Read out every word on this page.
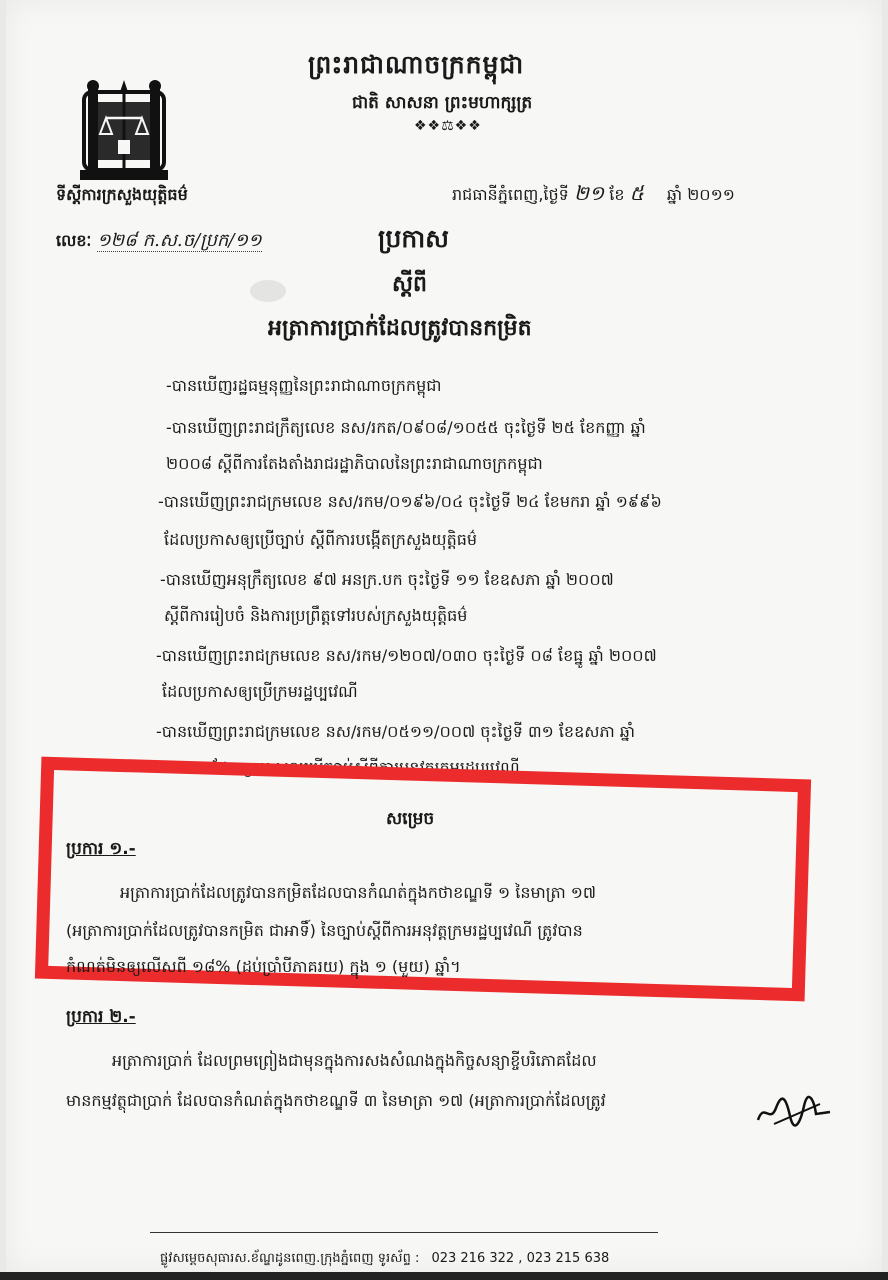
ព្រះរាជាណាចក្រកម្ពុជា
ជាតិ សាសនា ព្រះមហាក្សត្រ
❖❖⚖❖❖
ទីស្តីការក្រសួងយុត្តិធម៌
លេខៈ ១២៨ ក.ស.ច/ប្រក/១១
រាជធានីភ្នំពេញ,ថ្ងៃទី ២១ ខែ ៥ ឆ្នាំ ២០១១
ប្រកាស
ស្តីពី
អត្រាការប្រាក់ដែលត្រូវបានកម្រិត
-បានឃើញរដ្ឋធម្មនុញ្ញនៃព្រះរាជាណាចក្រកម្ពុជា
-បានឃើញព្រះរាជក្រឹត្យលេខ នស/រកត/០៩០៨/១០៥៥ ចុះថ្ងៃទី ២៥ ខែកញ្ញា ឆ្នាំ
២០០៨ ស្តីពីការតែងតាំងរាជរដ្ឋាភិបាលនៃព្រះរាជាណាចក្រកម្ពុជា
-បានឃើញព្រះរាជក្រមលេខ នស/រកម/០១៩៦/០៤ ចុះថ្ងៃទី ២៤ ខែមករា ឆ្នាំ ១៩៩៦
ដែលប្រកាសឲ្យប្រើច្បាប់ ស្តីពីការបង្កើតក្រសួងយុត្តិធម៌
-បានឃើញអនុក្រឹត្យលេខ ៩៧ អនក្រ.បក ចុះថ្ងៃទី ១១ ខែឧសភា ឆ្នាំ ២០០៧
ស្តីពីការរៀបចំ និងការប្រព្រឹត្តទៅរបស់ក្រសួងយុត្តិធម៌
-បានឃើញព្រះរាជក្រមលេខ នស/រកម/១២០៧/០៣០ ចុះថ្ងៃទី ០៨ ខែធ្នូ ឆ្នាំ ២០០៧
ដែលប្រកាសឲ្យប្រើក្រមរដ្ឋប្បវេណី
-បានឃើញព្រះរាជក្រមលេខ នស/រកម/០៥១១/០០៧ ចុះថ្ងៃទី ៣១ ខែឧសភា ឆ្នាំ
២០១១ ដែលប្រកាសឲ្យប្រើច្បាប់ស្តីពីការអនុវត្តក្រមរដ្ឋប្បវេណី
សម្រេច
ប្រការ ១.-
អត្រាការប្រាក់ដែលត្រូវបានកម្រិតដែលបានកំណត់ក្នុងកថាខណ្ឌទី ១ នៃមាត្រា ១៧
(អត្រាការប្រាក់ដែលត្រូវបានកម្រិត ជាអាទិ៍) នៃច្បាប់ស្តីពីការអនុវត្តក្រមរដ្ឋប្បវេណី ត្រូវបាន
កំណត់មិនឲ្យលើសពី ១៨% (ដប់ប្រាំបីភាគរយ) ក្នុង ១ (មួយ) ឆ្នាំ។
ប្រការ ២.-
អត្រាការប្រាក់ ដែលព្រមព្រៀងជាមុនក្នុងការសងសំណងក្នុងកិច្ចសន្យាខ្ចីបរិភោគដែល
មានកម្មវត្ថុជាប្រាក់ ដែលបានកំណត់ក្នុងកថាខណ្ឌទី ៣ នៃមាត្រា ១៧ (អត្រាការប្រាក់ដែលត្រូវ
ផ្លូវសម្តេចសុធារស.ខ័ណ្ឌដូនពេញ.ក្រុងភ្នំពេញ ទូរស័ព្ទ : 023 216 322 , 023 215 638
